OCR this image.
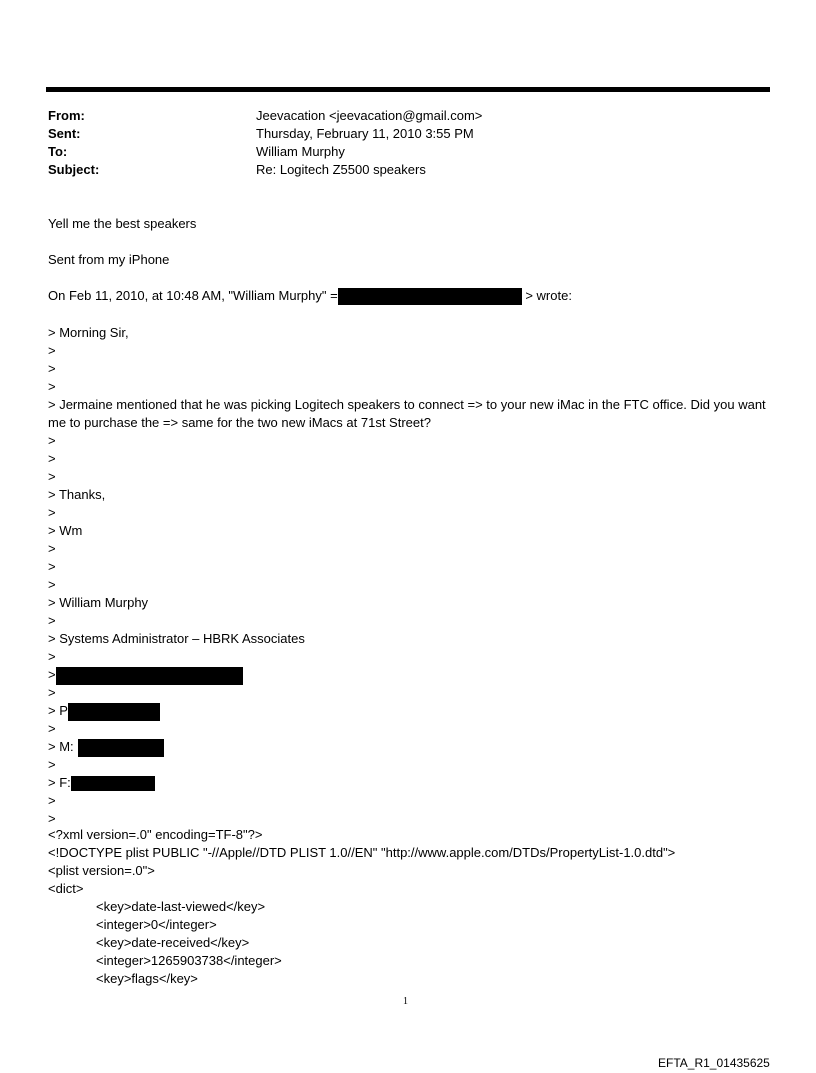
From:	Jeevacation <jeevacation@gmail.com>
Sent:	Thursday, February 11, 2010 3:55 PM
To:	William Murphy
Subject:	Re: Logitech Z5500 speakers
Yell me the best speakers
Sent from my iPhone
On Feb 11, 2010, at 10:48 AM, "William Murphy" =	> wrote:
> Morning Sir,
>
>
>
> Jermaine mentioned that he was picking Logitech speakers to connect => to your new iMac in the FTC office. Did you want me to purchase the => same for the two new iMacs at 71st Street?
>
>
>
> Thanks,
>
> Wm
>
>
>
> William Murphy
>
> Systems Administrator – HBRK Associates
>
>
>
> P
>
> M:
>
> F:
>
>
<?xml version=.0" encoding=TF-8"?>
<!DOCTYPE plist PUBLIC "-//Apple//DTD PLIST 1.0//EN" "http://www.apple.com/DTDs/PropertyList-1.0.dtd">
<plist version=.0">
<dict>
<key>date-last-viewed</key>
<integer>0</integer>
<key>date-received</key>
<integer>1265903738</integer>
<key>flags</key>
1
EFTA_R1_01435625
